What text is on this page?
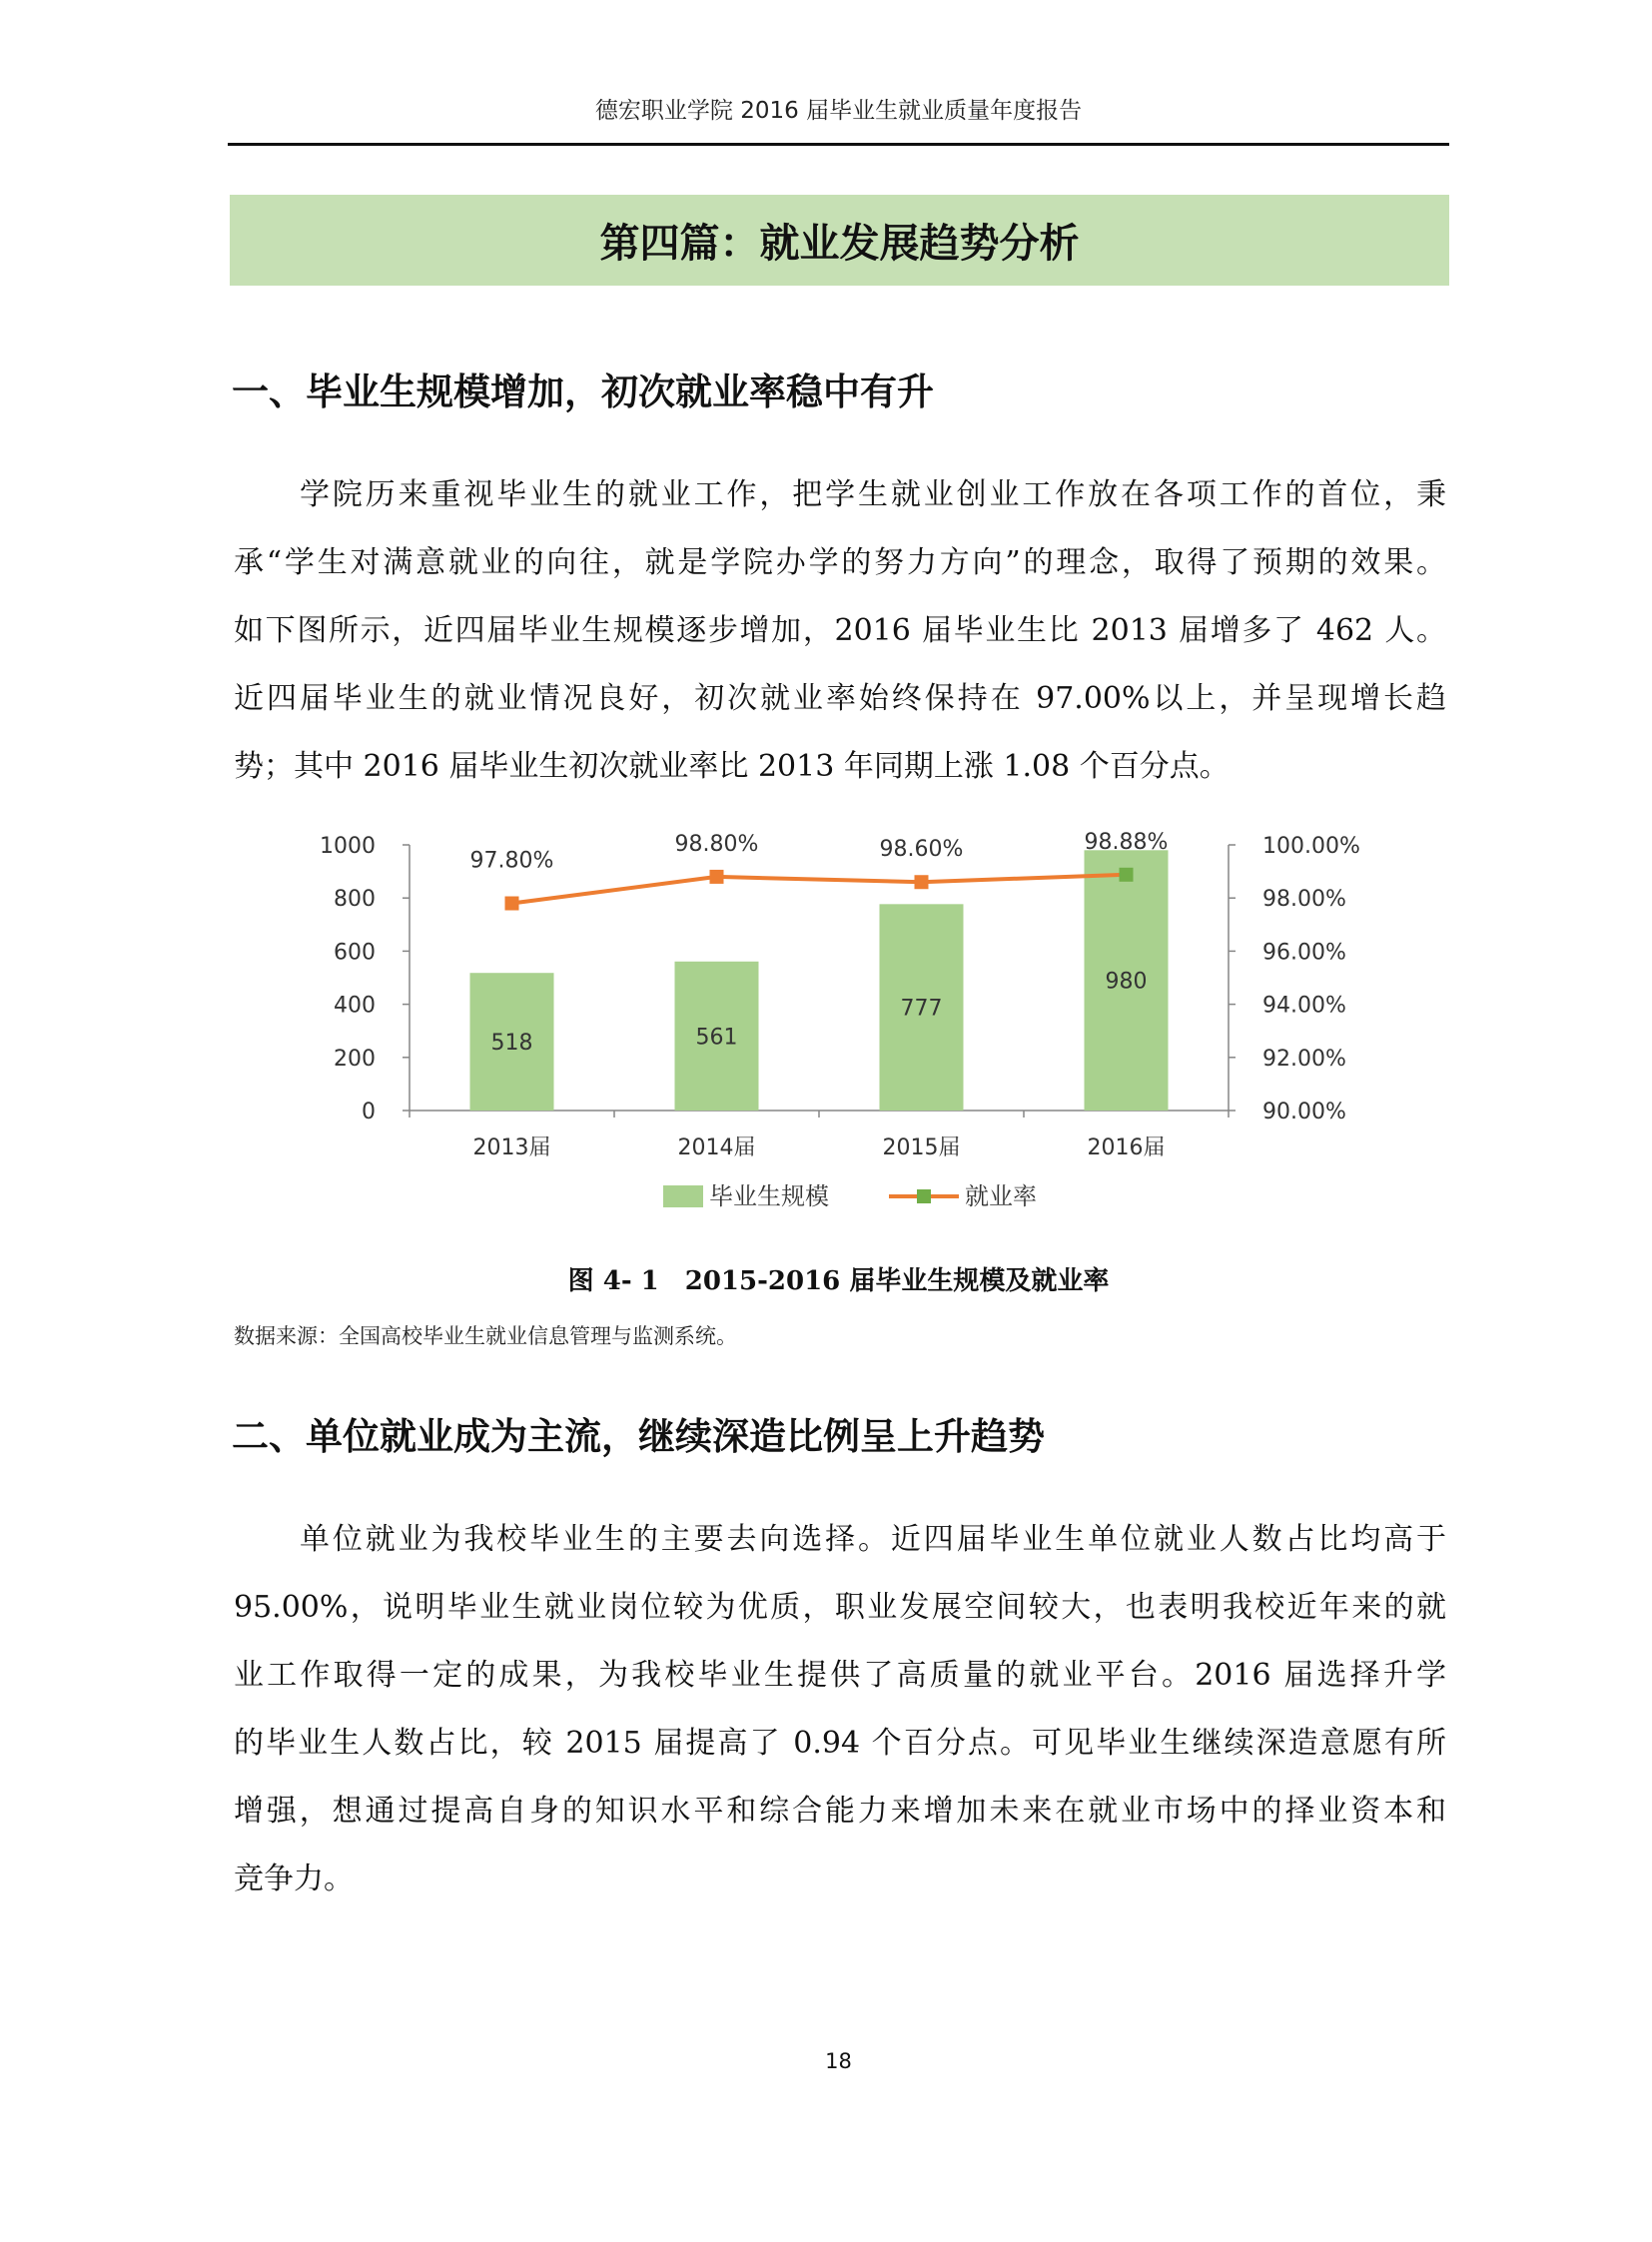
德宏职业学院 2016 届毕业生就业质量年度报告
第四篇：就业发展趋势分析
一、毕业生规模增加，初次就业率稳中有升
学院历来重视毕业生的就业工作，把学生就业创业工作放在各项工作的首位，秉
承“学生对满意就业的向往，就是学院办学的努力方向”的理念，取得了预期的效果。
如下图所示，近四届毕业生规模逐步增加，2016 届毕业生比 2013 届增多了 462 人。
近四届毕业生的就业情况良好，初次就业率始终保持在 97.00%以上，并呈现增长趋
势；其中 2016 届毕业生初次就业率比 2013 年同期上涨 1.08 个百分点。
0
200
400
600
800
1000
90.00%
92.00%
94.00%
96.00%
98.00%
100.00%
518	561
777
980
2013届	2014届	2015届	2016届
97.80%
98.80%	98.60%	98.88%
毕业生规模	就业率
图 4- 1　2015-2016 届毕业生规模及就业率
数据来源：全国高校毕业生就业信息管理与监测系统。
二、单位就业成为主流，继续深造比例呈上升趋势
单位就业为我校毕业生的主要去向选择。近四届毕业生单位就业人数占比均高于
95.00%，说明毕业生就业岗位较为优质，职业发展空间较大，也表明我校近年来的就
业工作取得一定的成果，为我校毕业生提供了高质量的就业平台。2016 届选择升学
的毕业生人数占比，较 2015 届提高了 0.94 个百分点。可见毕业生继续深造意愿有所
增强，想通过提高自身的知识水平和综合能力来增加未来在就业市场中的择业资本和
竞争力。
18
